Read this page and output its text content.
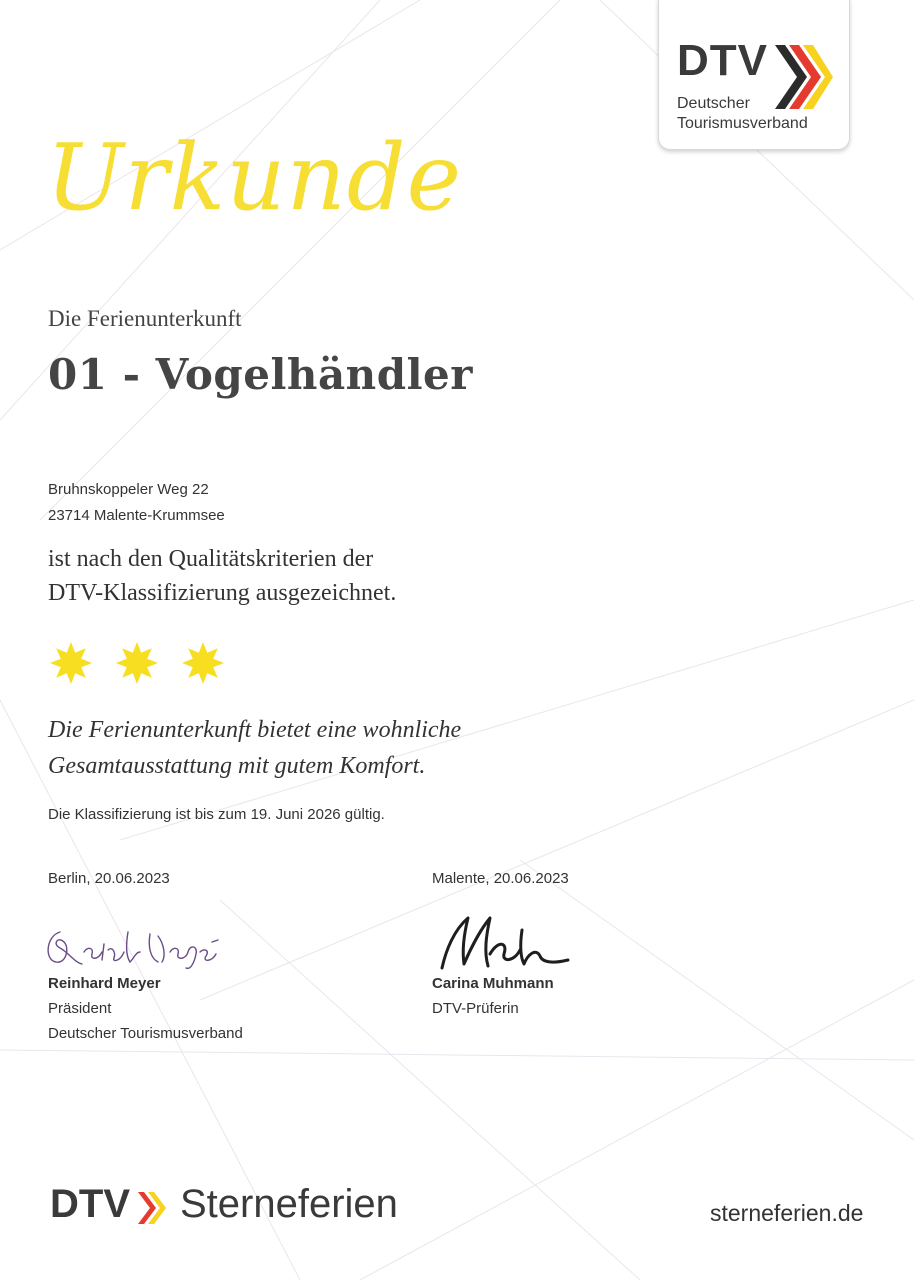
DTV
Deutscher
Tourismusverband
Urkunde
Die Ferienunterkunft
01 - Vogelhändler
Bruhnskoppeler Weg 22
23714 Malente-Krummsee
ist nach den Qualitätskriterien der
DTV-Klassifizierung ausgezeichnet.
Die Ferienunterkunft bietet eine wohnliche
Gesamtausstattung mit gutem Komfort.
Die Klassifizierung ist bis zum 19. Juni 2026 gültig.
Berlin, 20.06.2023
Reinhard Meyer
Präsident
Deutscher Tourismusverband
Malente, 20.06.2023
Carina Muhmann
DTV-Prüferin
DTV Sterneferien	sterneferien.de
